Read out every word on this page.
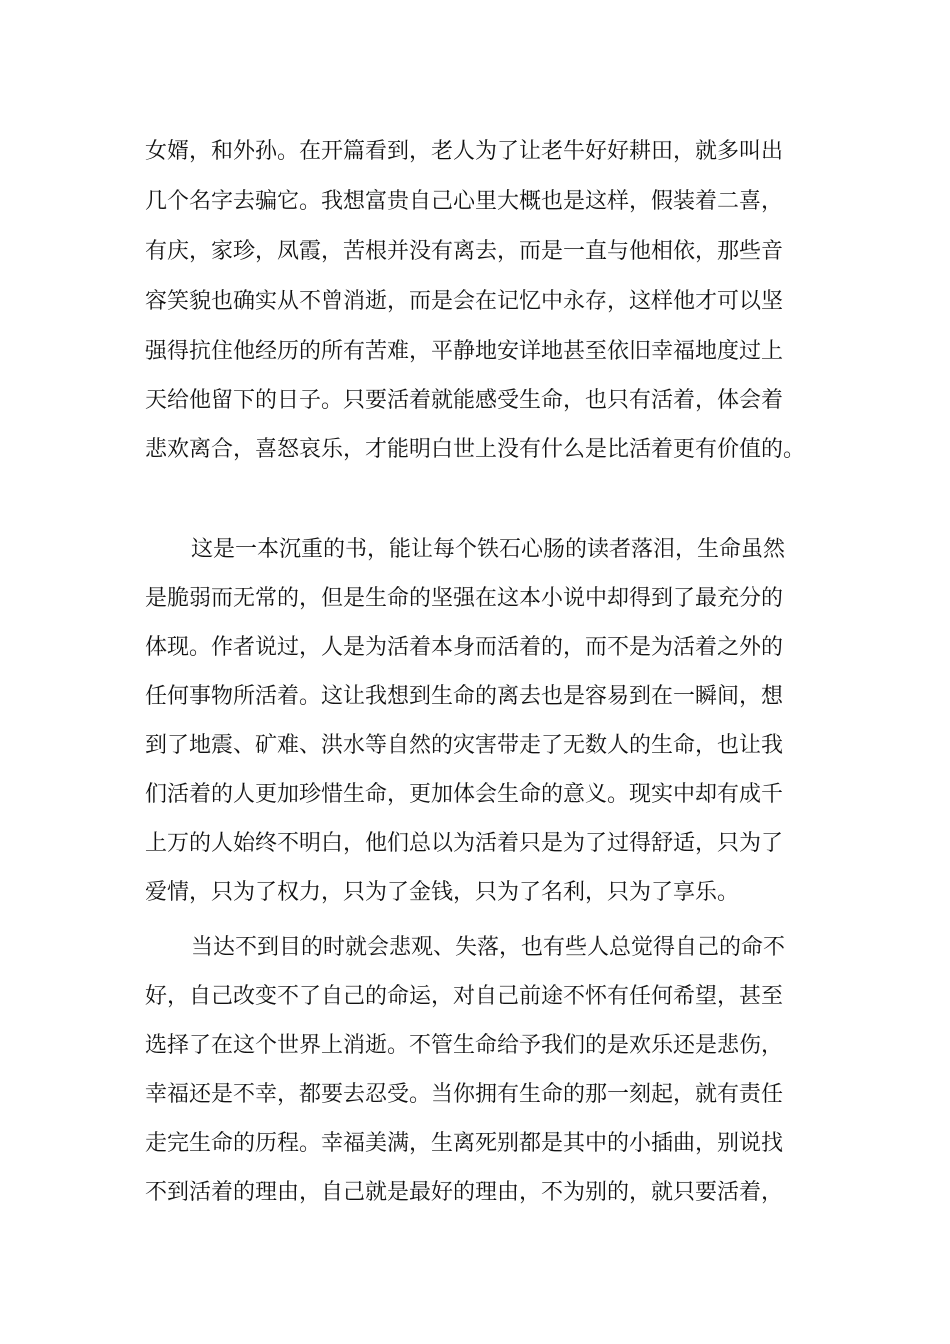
女婿，和外孙。在开篇看到，老人为了让老牛好好耕田，就多叫出
几个名字去骗它。我想富贵自己心里大概也是这样，假装着二喜，
有庆，家珍，凤霞，苦根并没有离去，而是一直与他相依，那些音
容笑貌也确实从不曾消逝，而是会在记忆中永存，这样他才可以坚
强得抗住他经历的所有苦难，平静地安详地甚至依旧幸福地度过上
天给他留下的日子。只要活着就能感受生命，也只有活着，体会着
悲欢离合，喜怒哀乐，才能明白世上没有什么是比活着更有价值的。
这是一本沉重的书，能让每个铁石心肠的读者落泪，生命虽然
是脆弱而无常的，但是生命的坚强在这本小说中却得到了最充分的
体现。作者说过，人是为活着本身而活着的，而不是为活着之外的
任何事物所活着。这让我想到生命的离去也是容易到在一瞬间，想
到了地震、矿难、洪水等自然的灾害带走了无数人的生命，也让我
们活着的人更加珍惜生命，更加体会生命的意义。现实中却有成千
上万的人始终不明白，他们总以为活着只是为了过得舒适，只为了
爱情，只为了权力，只为了金钱，只为了名利，只为了享乐。
当达不到目的时就会悲观、失落，也有些人总觉得自己的命不
好，自己改变不了自己的命运，对自己前途不怀有任何希望，甚至
选择了在这个世界上消逝。不管生命给予我们的是欢乐还是悲伤，
幸福还是不幸，都要去忍受。当你拥有生命的那一刻起，就有责任
走完生命的历程。幸福美满，生离死别都是其中的小插曲，别说找
不到活着的理由，自己就是最好的理由，不为别的，就只要活着，
